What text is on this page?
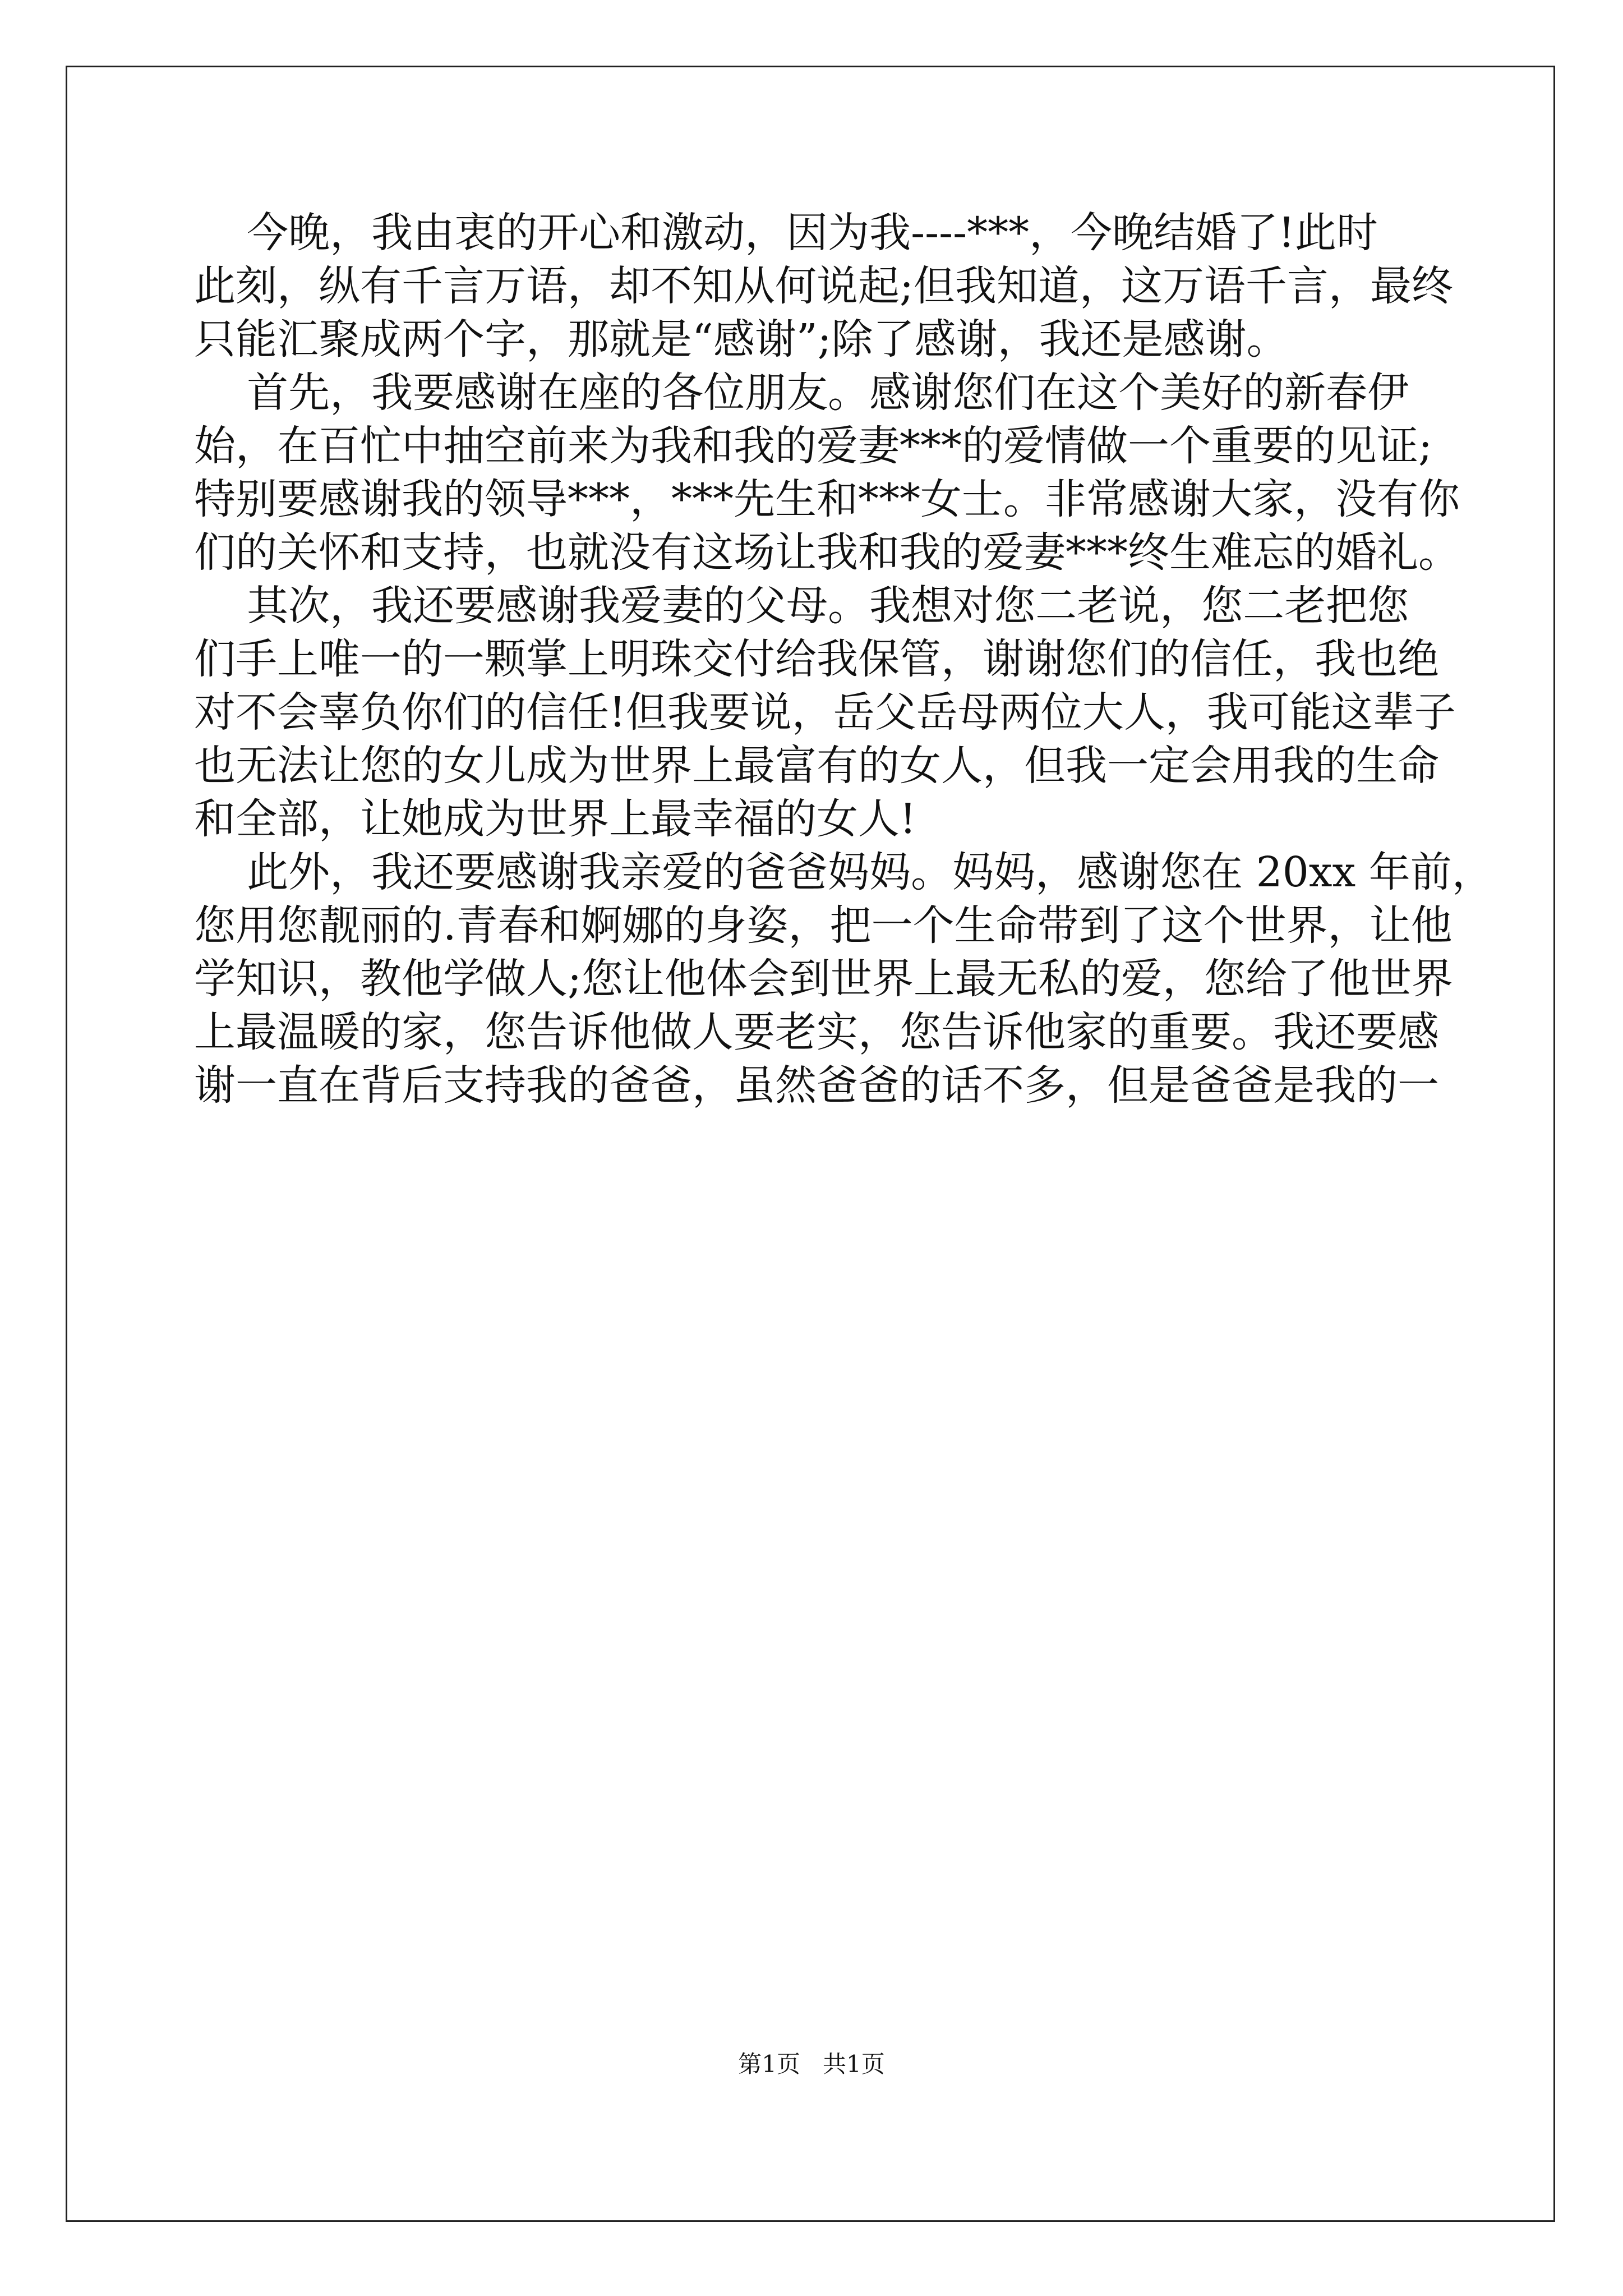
今晚，我由衷的开心和激动，因为我----***，今晚结婚了!此时
此刻，纵有千言万语，却不知从何说起;但我知道，这万语千言，最终
只能汇聚成两个字，那就是“感谢”;除了感谢，我还是感谢。
首先，我要感谢在座的各位朋友。感谢您们在这个美好的新春伊
始，在百忙中抽空前来为我和我的爱妻***的爱情做一个重要的见证;
特别要感谢我的领导***，***先生和***女士。非常感谢大家，没有你
们的关怀和支持，也就没有这场让我和我的爱妻***终生难忘的婚礼。
其次，我还要感谢我爱妻的父母。我想对您二老说，您二老把您
们手上唯一的一颗掌上明珠交付给我保管，谢谢您们的信任，我也绝
对不会辜负你们的信任!但我要说，岳父岳母两位大人，我可能这辈子
也无法让您的女儿成为世界上最富有的女人，但我一定会用我的生命
和全部，让她成为世界上最幸福的女人!
此外，我还要感谢我亲爱的爸爸妈妈。妈妈，感谢您在 20xx 年前，
您用您靓丽的.青春和婀娜的身姿，把一个生命带到了这个世界，让他
学知识，教他学做人;您让他体会到世界上最无私的爱，您给了他世界
上最温暖的家，您告诉他做人要老实，您告诉他家的重要。我还要感
谢一直在背后支持我的爸爸，虽然爸爸的话不多，但是爸爸是我的一
第1页   共1页
